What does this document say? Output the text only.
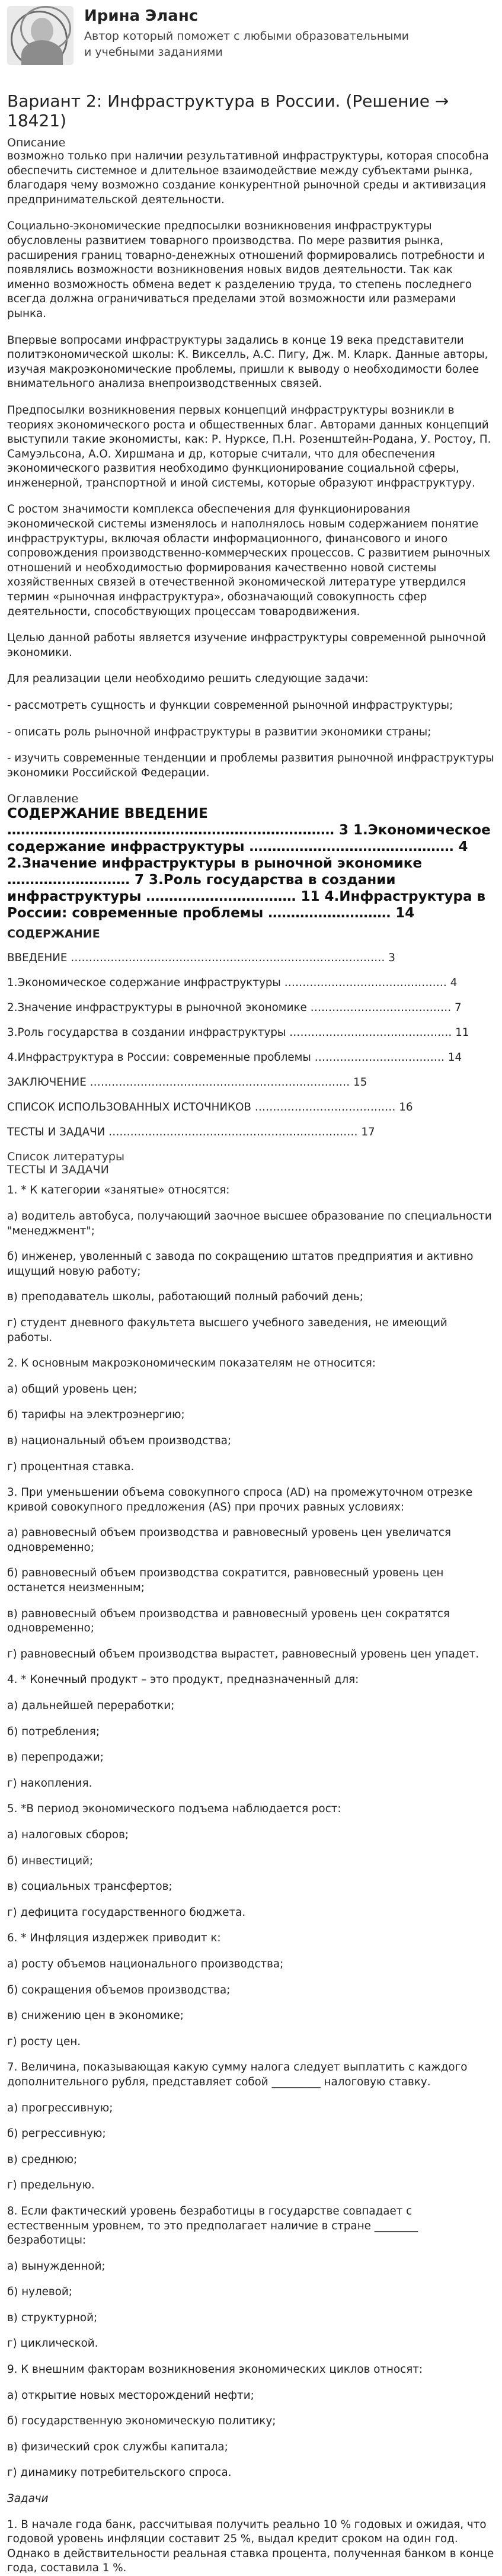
Ирина Эланс
Автор который поможет с любыми образовательными и учебными заданиями
Вариант 2: Инфраструктура в России. (Решение → 18421)
Описание

возможно только при наличии результативной инфраструктуры, которая способна обеспечить системное и длительное взаимодействие между субъектами рынка, благодаря чему возможно создание конкурентной рыночной среды и активизация предпринимательской деятельности.

Социально-экономические предпосылки возникновения инфраструктуры обусловлены развитием товарного производства. По мере развития рынка, расширения границ товарно-денежных отношений формировались потребности и появлялись возможности возникновения новых видов деятельности. Так как именно возможность обмена ведет к разделению труда, то степень последнего всегда должна ограничиваться пределами этой возможности или размерами рынка.

Впервые вопросами инфраструктуры задались в конце 19 века представители политэкономической школы: К. Викселль, А.С. Пигу, Дж. М. Кларк. Данные авторы, изучая макроэкономические проблемы, пришли к выводу о необходимости более внимательного анализа внепроизводственных связей.

Предпосылки возникновения первых концепций инфраструктуры возникли в теориях экономического роста и общественных благ. Авторами данных концепций выступили такие экономисты, как: Р. Нурксе, П.Н. Розенштейн-Родана, У. Ростоу, П. Самуэльсона, А.О. Хиршмана и др, которые считали, что для обеспечения экономического развития необходимо функционирование социальной сферы, инженерной, транспортной и иной системы, которые образуют инфраструктуру.

С ростом значимости комплекса обеспечения для функционирования экономической системы изменялось и наполнялось новым содержанием понятие инфраструктуры, включая области информационного, финансового и иного сопровождения производственно-коммерческих процессов. С развитием рыночных отношений и необходимостью формирования качественно новой системы хозяйственных связей в отечественной экономической литературе утвердился термин «рыночная инфраструктура», обозначающий совокупность сфер деятельности, способствующих процессам товародвижения.

Целью данной работы является изучение инфраструктуры современной рыночной экономики.

Для реализации цели необходимо решить следующие задачи:

- рассмотреть сущность и функции современной рыночной инфраструктуры;

- описать роль рыночной инфраструктуры в развитии экономики страны;

- изучить современные тенденции и проблемы развития рыночной инфраструктуры экономики Российской Федерации.

Оглавление
СОДЕРЖАНИЕ ВВЕДЕНИЕ ……………………………………………………………… 3 1.Экономическое содержание инфраструктуры ……………………………………… 4 2.Значение инфраструктуры в рыночной экономике ……………………… 7 3.Роль государства в создании инфраструктуры …………………………… 11 4.Инфраструктура в России: современные проблемы ……………………… 14
СОДЕРЖАНИЕ
ВВЕДЕНИЕ …………………………………………………………………………… 3
1.Экономическое содержание инфраструктуры ……………………………………… 4
2.Значение инфраструктуры в рыночной экономике ………………………………… 7
3.Роль государства в создании инфраструктуры ……………………………………… 11
4.Инфраструктура в России: современные проблемы ……………………………… 14
ЗАКЛЮЧЕНИЕ ……………………………………………………………… 15
СПИСОК ИСПОЛЬЗОВАННЫХ ИСТОЧНИКОВ ………………………………… 16
ТЕСТЫ И ЗАДАЧИ …………………………………………………………… 17
Список литературы
ТЕСТЫ И ЗАДАЧИ
1. * К категории «занятые» относятся:
а) водитель автобуса, получающий заочное высшее образование по специальности "менеджмент";
б) инженер, уволенный с завода по сокращению штатов предприятия и активно ищущий новую работу;
в) преподаватель школы, работающий полный рабочий день;
г) студент дневного факультета высшего учебного заведения, не имеющий работы.
2. К основным макроэкономическим показателям не относится:
а) общий уровень цен;
б) тарифы на электроэнергию;
в) национальный объем производства;
г) процентная ставка.
3. При уменьшении объема совокупного спроса (AD) на промежуточном отрезке кривой совокупного предложения (AS) при прочих равных условиях:
а) равновесный объем производства и равновесный уровень цен увеличатся одновременно;
б) равновесный объем производства сократится, равновесный уровень цен останется неизменным;
в) равновесный объем производства и равновесный уровень цен сократятся одновременно;
г) равновесный объем производства вырастет, равновесный уровень цен упадет.
4. * Конечный продукт – это продукт, предназначенный для:
а) дальнейшей переработки;
б) потребления;
в) перепродажи;
г) накопления.
5. *В период экономического подъема наблюдается рост:
а) налоговых сборов;
б) инвестиций;
в) социальных трансфертов;
г) дефицита государственного бюджета.
6. * Инфляция издержек приводит к:
а) росту объемов национального производства;
б) сокращения объемов производства;
в) снижению цен в экономике;
г) росту цен.
7. Величина, показывающая какую сумму налога следует выплатить с каждого дополнительного рубля, представляет собой _________ налоговую ставку.
а) прогрессивную;
б) регрессивную;
в) среднюю;
г) предельную.
8. Если фактический уровень безработицы в государстве совпадает с естественным уровнем, то это предполагает наличие в стране ________ безработицы:
а) вынужденной;
б) нулевой;
в) структурной;
г) циклической.
9. К внешним факторам возникновения экономических циклов относят:
а) открытие новых месторождений нефти;
б) государственную экономическую политику;
в) физический срок службы капитала;
г) динамику потребительского спроса.
Задачи
1. В начале года банк, рассчитывая получить реально 10 % годовых и ожидая, что годовой уровень инфляции составит 25 %, выдал кредит сроком на один год. Однако в действительности реальная ставка процента, полученная банком в конце года, составила 1 %.
